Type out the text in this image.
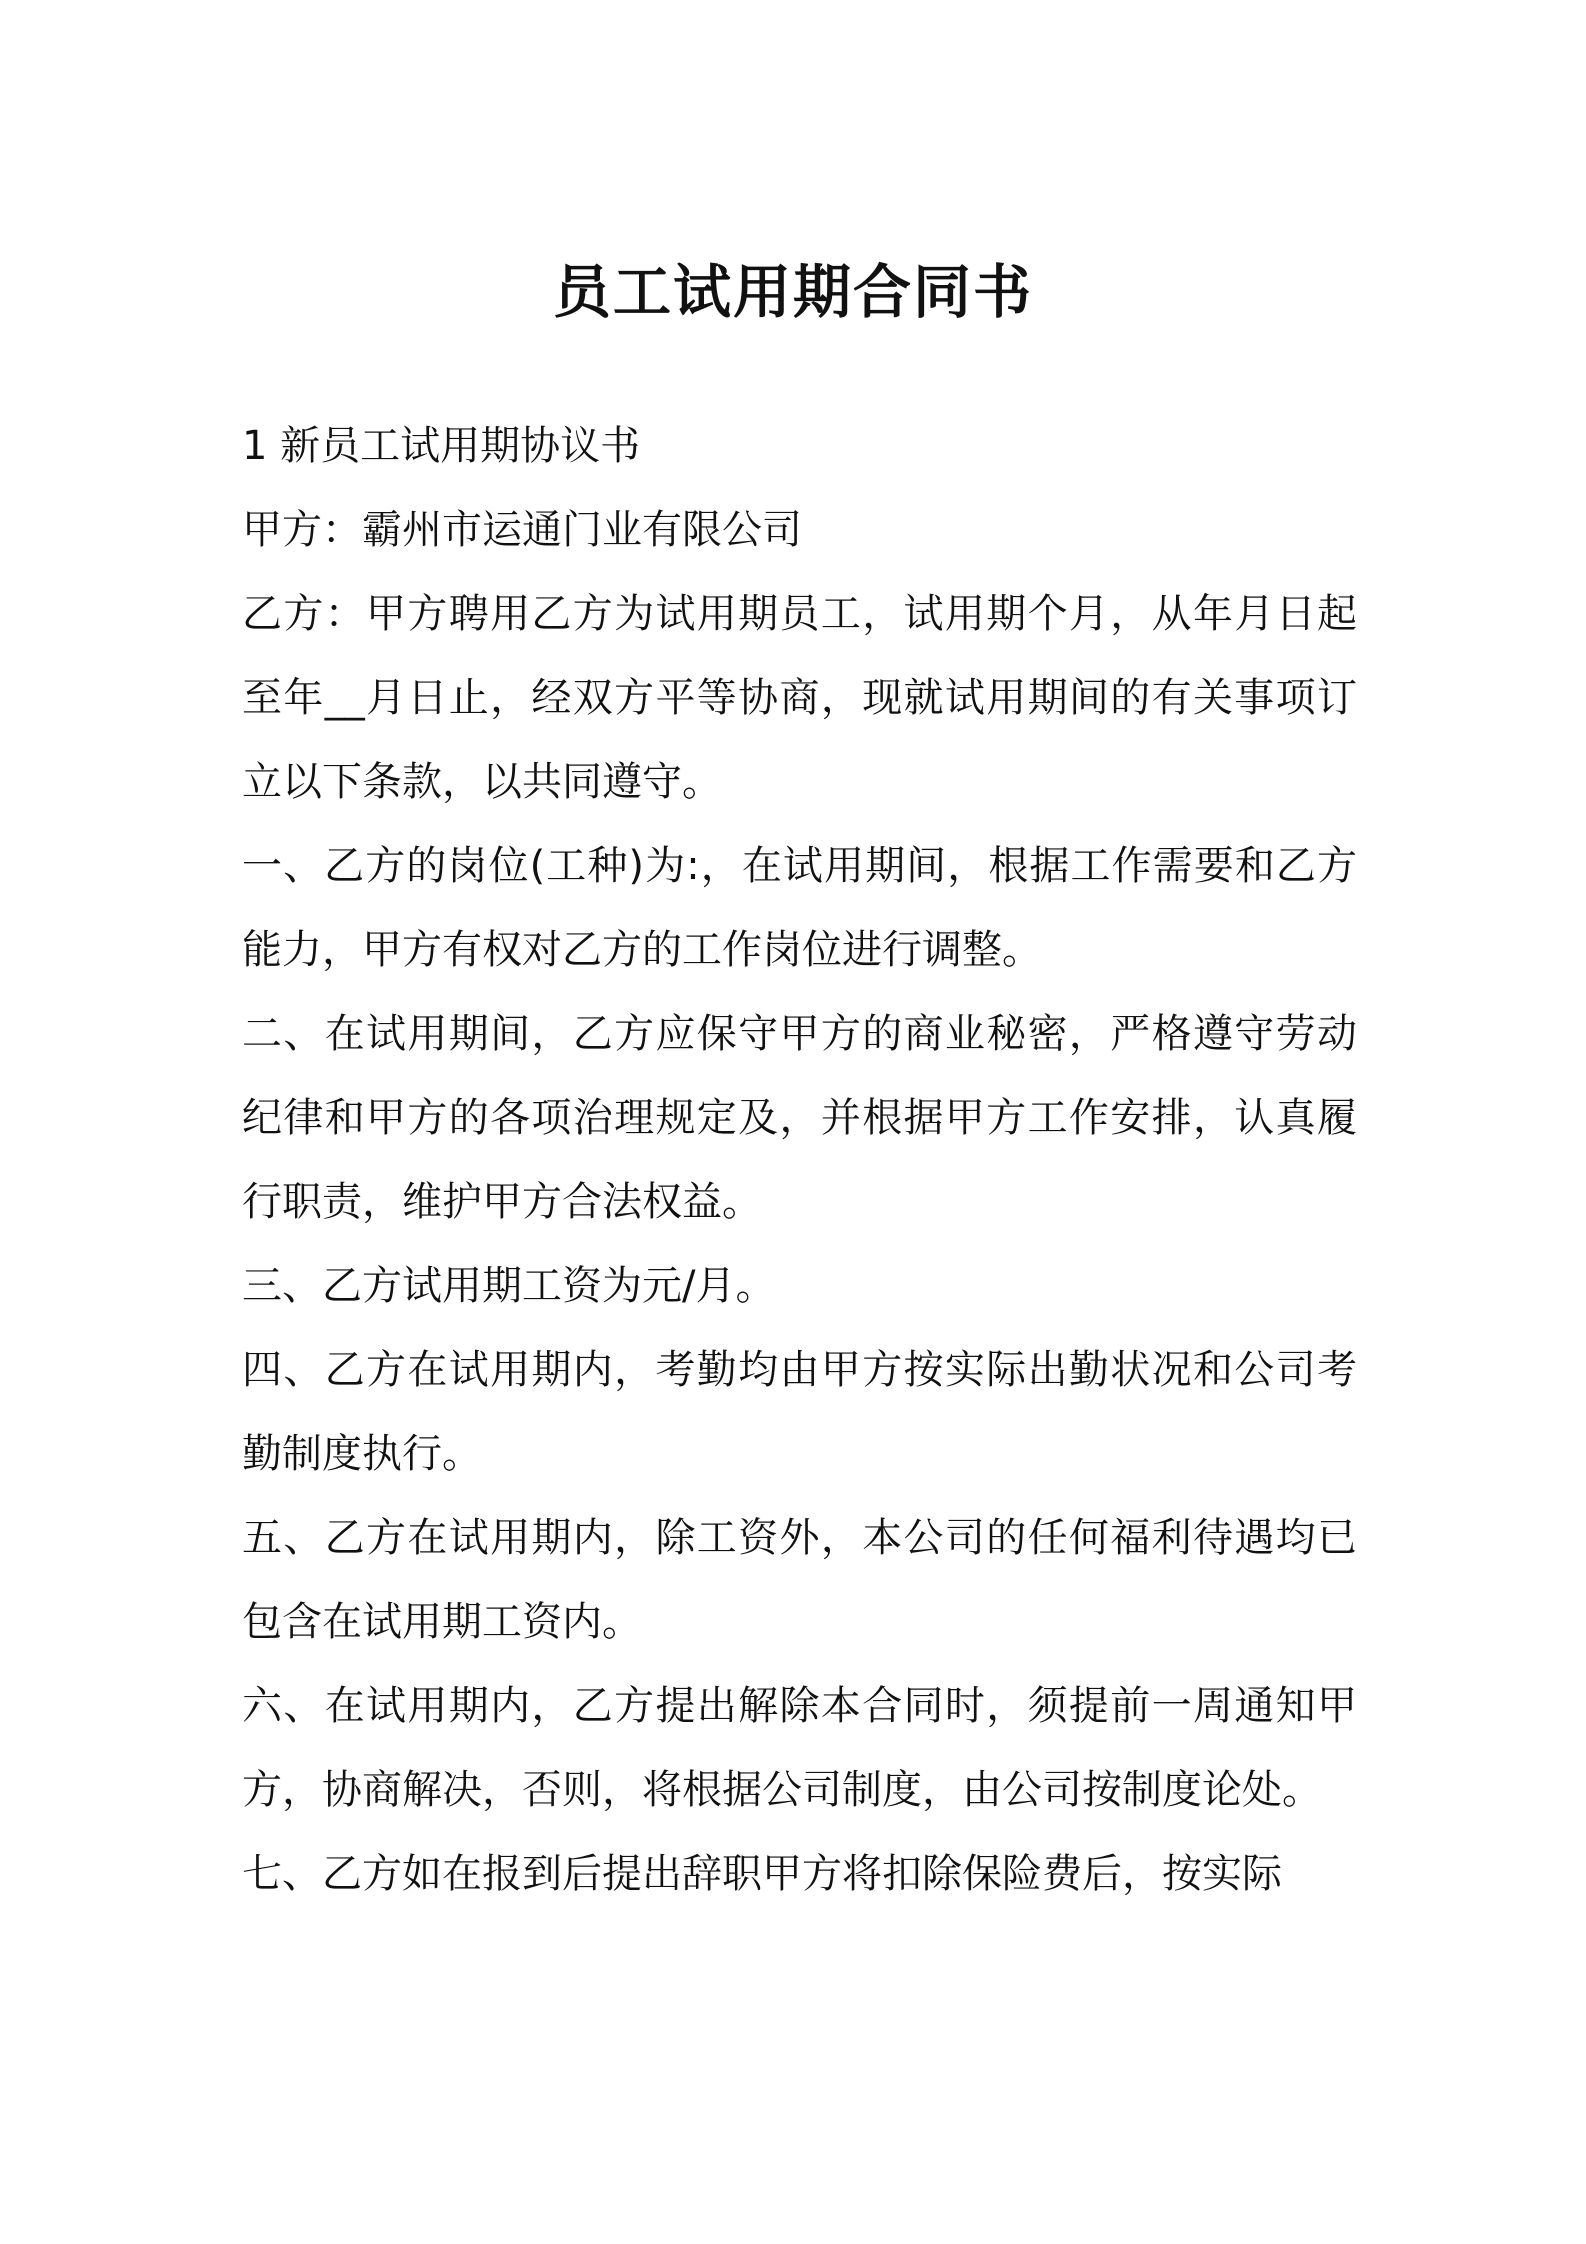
员工试用期合同书

1 新员工试用期协议书

甲方：霸州市运通门业有限公司

乙方：甲方聘用乙方为试用期员工，试用期个月，从年月日起至年__月日止，经双方平等协商，现就试用期间的有关事项订立以下条款，以共同遵守。

一、乙方的岗位(工种)为:，在试用期间，根据工作需要和乙方能力，甲方有权对乙方的工作岗位进行调整。

二、在试用期间，乙方应保守甲方的商业秘密，严格遵守劳动纪律和甲方的各项治理规定及，并根据甲方工作安排，认真履行职责，维护甲方合法权益。

三、乙方试用期工资为元/月。

四、乙方在试用期内，考勤均由甲方按实际出勤状况和公司考勤制度执行。

五、乙方在试用期内，除工资外，本公司的任何福利待遇均已包含在试用期工资内。

六、在试用期内，乙方提出解除本合同时，须提前一周通知甲方，协商解决，否则，将根据公司制度，由公司按制度论处。

七、乙方如在报到后提出辞职甲方将扣除保险费后，按实际
